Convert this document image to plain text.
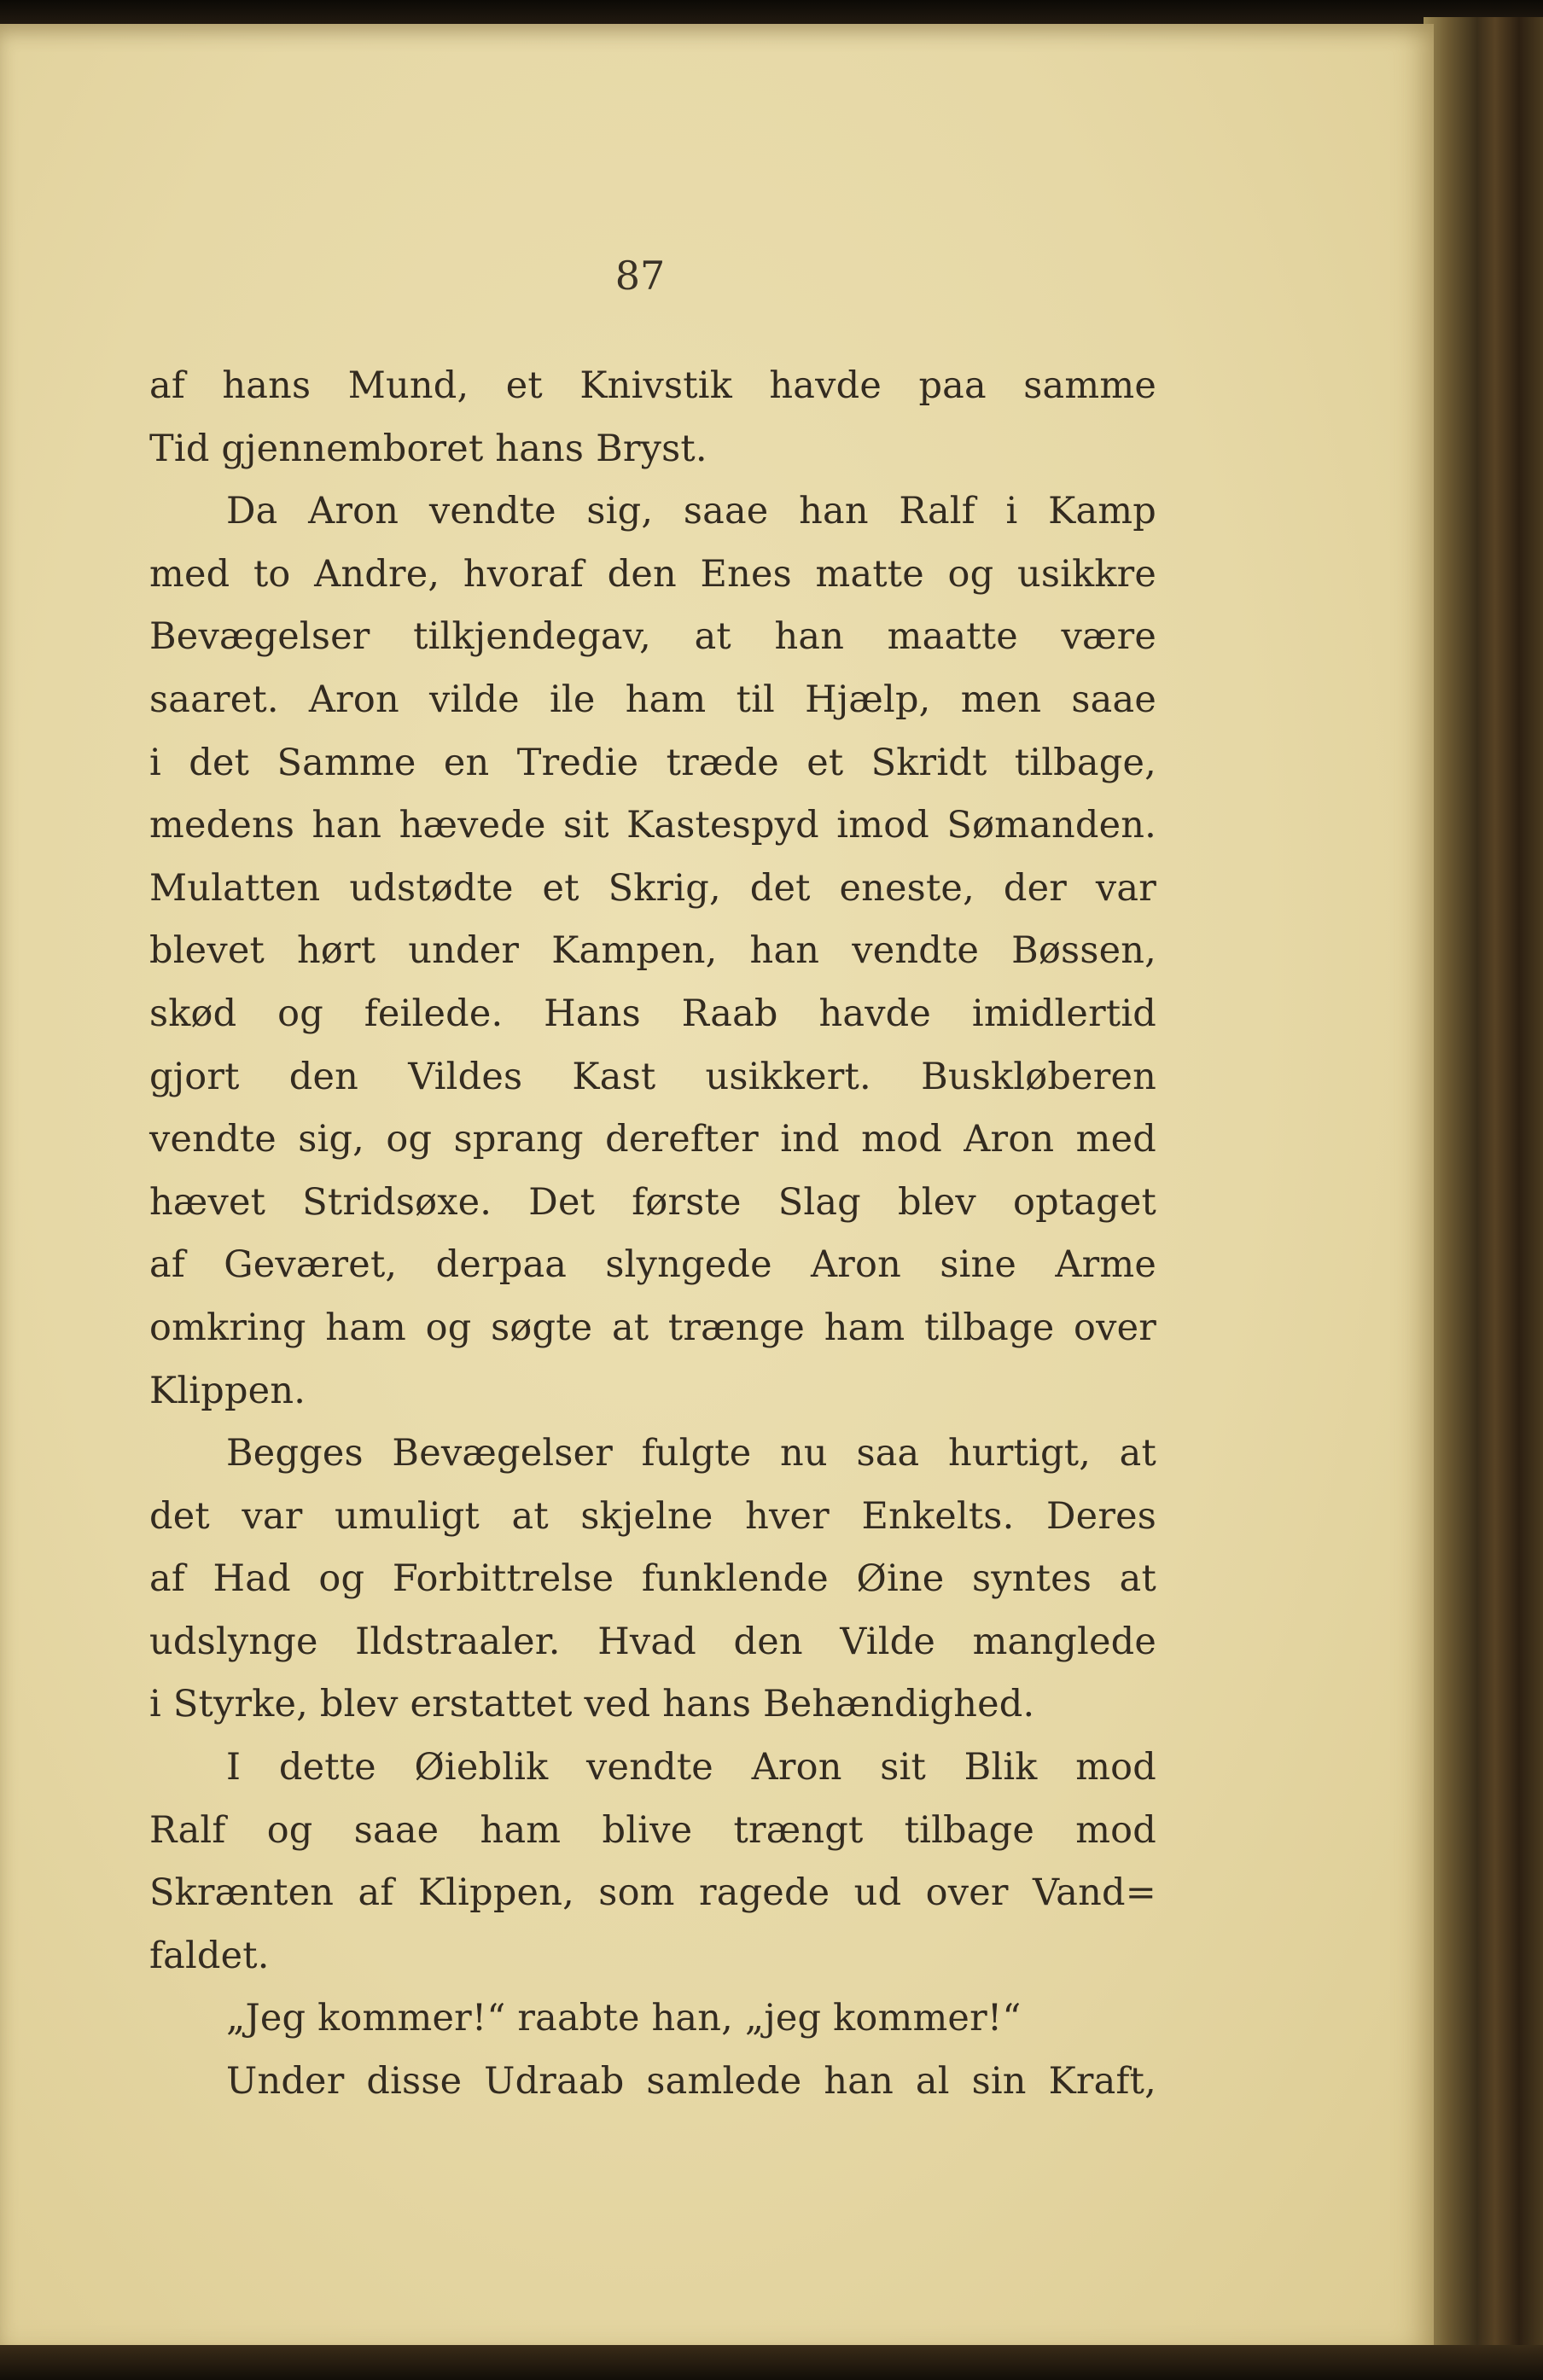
87
af hans Mund, et Knivstik havde paa samme
Tid gjennemboret hans Bryst.
Da Aron vendte sig, saae han Ralf i Kamp
med to Andre, hvoraf den Enes matte og usikkre
Bevægelser tilkjendegav, at han maatte være
saaret. Aron vilde ile ham til Hjælp, men saae
i det Samme en Tredie træde et Skridt tilbage,
medens han hævede sit Kastespyd imod Sømanden.
Mulatten udstødte et Skrig, det eneste, der var
blevet hørt under Kampen, han vendte Bøssen,
skød og feilede. Hans Raab havde imidlertid
gjort den Vildes Kast usikkert. Buskløberen
vendte sig, og sprang derefter ind mod Aron med
hævet Stridsøxe. Det første Slag blev optaget
af Geværet, derpaa slyngede Aron sine Arme
omkring ham og søgte at trænge ham tilbage over
Klippen.
Begges Bevægelser fulgte nu saa hurtigt, at
det var umuligt at skjelne hver Enkelts. Deres
af Had og Forbittrelse funklende Øine syntes at
udslynge Ildstraaler. Hvad den Vilde manglede
i Styrke, blev erstattet ved hans Behændighed.
I dette Øieblik vendte Aron sit Blik mod
Ralf og saae ham blive trængt tilbage mod
Skrænten af Klippen, som ragede ud over Vand=
faldet.
„Jeg kommer!“ raabte han, „jeg kommer!“
Under disse Udraab samlede han al sin Kraft,
